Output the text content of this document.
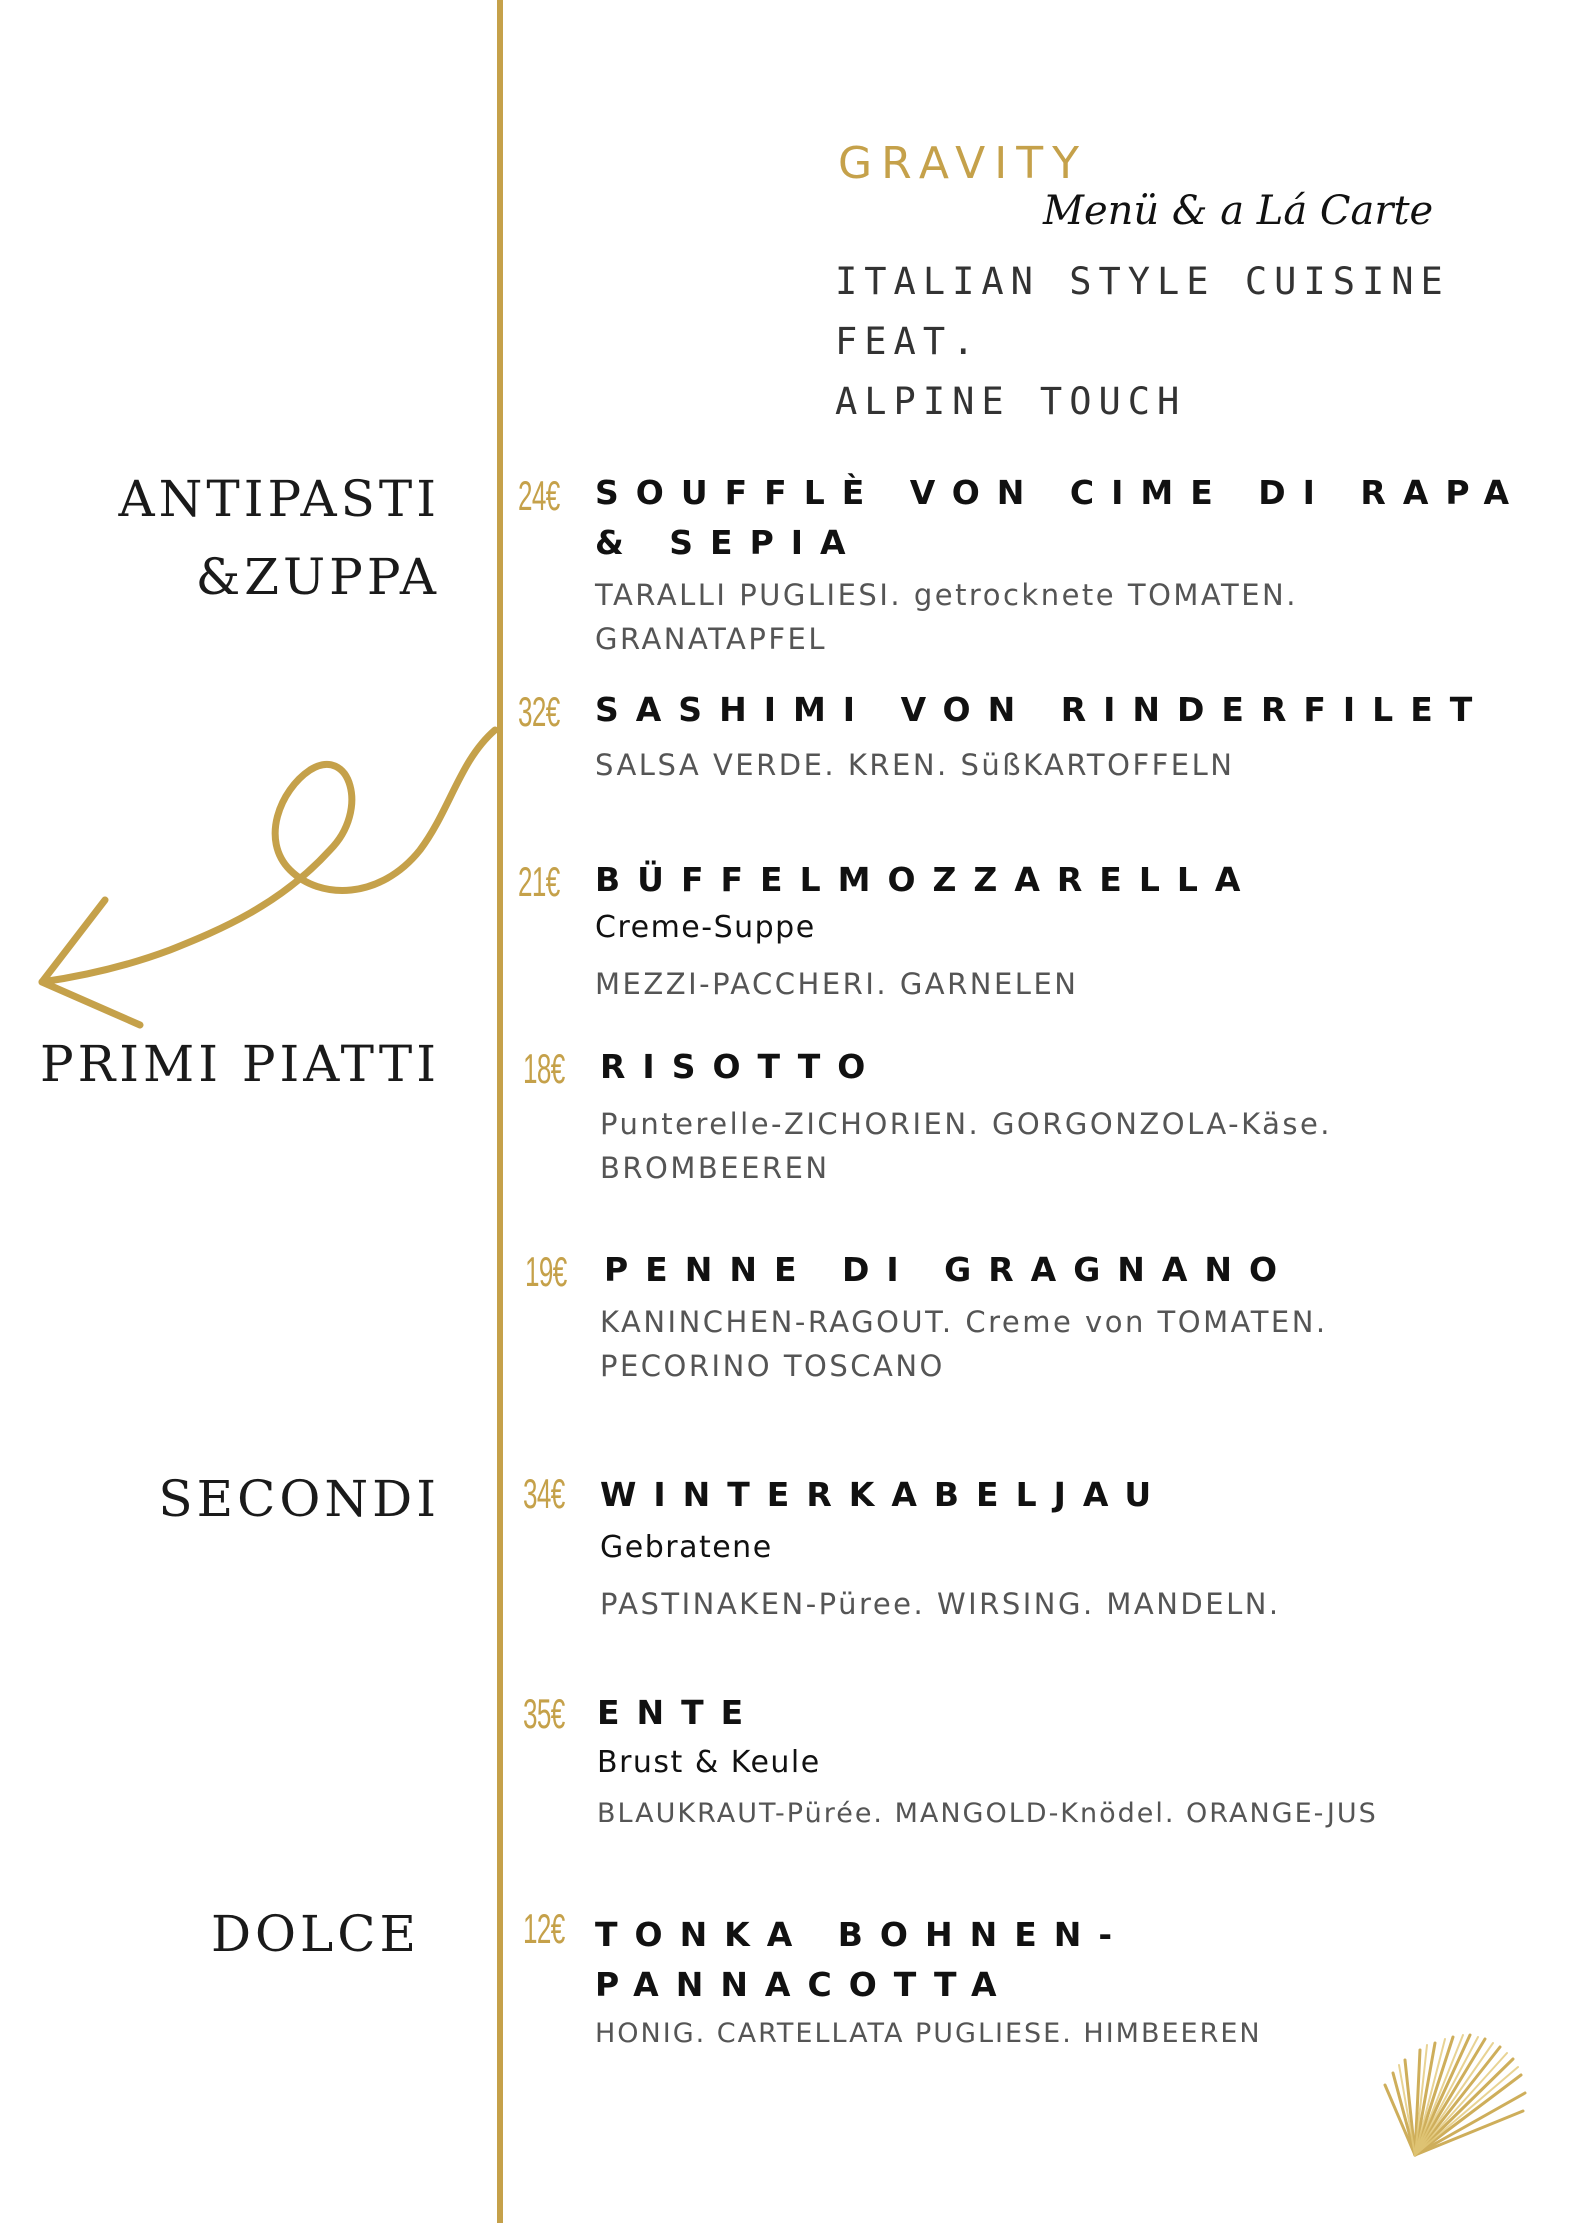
GRAVITY
Menü & a Lá Carte
ITALIAN STYLE CUISINE FEAT.
ALPINE TOUCH
ANTIPASTI
&ZUPPA
PRIMI PIATTI
SECONDI
DOLCE
24€ SOUFFLÈ VON CIME DI RAPA
& SEPIA
TARALLI PUGLIESI. getrocknete TOMATEN.
GRANATAPFEL
32€ SASHIMI VON RINDERFILET
SALSA VERDE. KREN. SüßKARTOFFELN
21€ BÜFFELMOZZARELLA
Creme-Suppe
MEZZI-PACCHERI. GARNELEN
18€ RISOTTO
Punterelle-ZICHORIEN. GORGONZOLA-Käse.
BROMBEEREN
19€ PENNE DI GRAGNANO
KANINCHEN-RAGOUT. Creme von TOMATEN.
PECORINO TOSCANO
34€ WINTERKABELJAU
Gebratene
PASTINAKEN-Püree. WIRSING. MANDELN.
35€ ENTE
Brust & Keule
BLAUKRAUT-Pürée. MANGOLD-Knödel. ORANGE-JUS
12€ TONKA BOHNEN-
PANNACOTTA
HONIG. CARTELLATA PUGLIESE. HIMBEEREN
